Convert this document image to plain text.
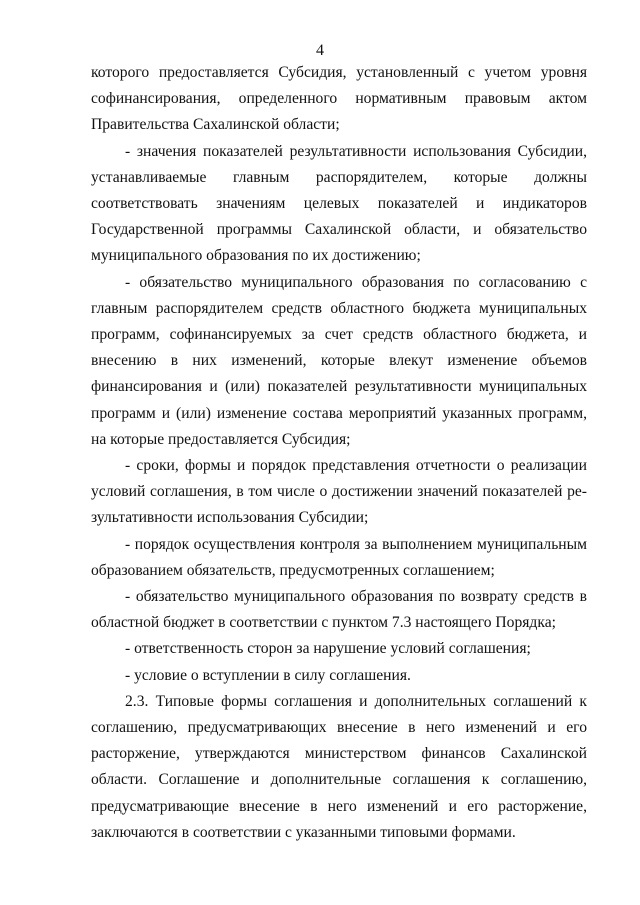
4

которого предоставляется Субсидия, установленный с учетом уровня софинансирования, определенного нормативным правовым актом Правительства Сахалинской области;

- значения показателей результативности использования Субсидии, устанавливаемые главным распорядителем, которые должны соответствовать значениям целевых показателей и индикаторов Государственной программы Сахалинской области, и обязательство муниципального образования по их достижению;

- обязательство муниципального образования по согласованию с главным распорядителем средств областного бюджета муниципальных программ, софинансируемых за счет средств областного бюджета, и внесению в них изменений, которые влекут изменение объемов финансирования и (или) показателей результативности муниципальных программ и (или) изменение состава мероприятий указанных программ, на которые предоставляется Субсидия;

- сроки, формы и порядок представления отчетности о реализации условий соглашения, в том числе о достижении значений показателей результативности использования Субсидии;

- порядок осуществления контроля за выполнением муниципальным образованием обязательств, предусмотренных соглашением;

- обязательство муниципального образования по возврату средств в областной бюджет в соответствии с пунктом 7.3 настоящего Порядка;

- ответственность сторон за нарушение условий соглашения;

- условие о вступлении в силу соглашения.

2.3. Типовые формы соглашения и дополнительных соглашений к соглашению, предусматривающих внесение в него изменений и его расторжение, утверждаются министерством финансов Сахалинской области. Соглашение и дополнительные соглашения к соглашению, предусматривающие внесение в него изменений и его расторжение, заключаются в соответствии с указанными типовыми формами.
